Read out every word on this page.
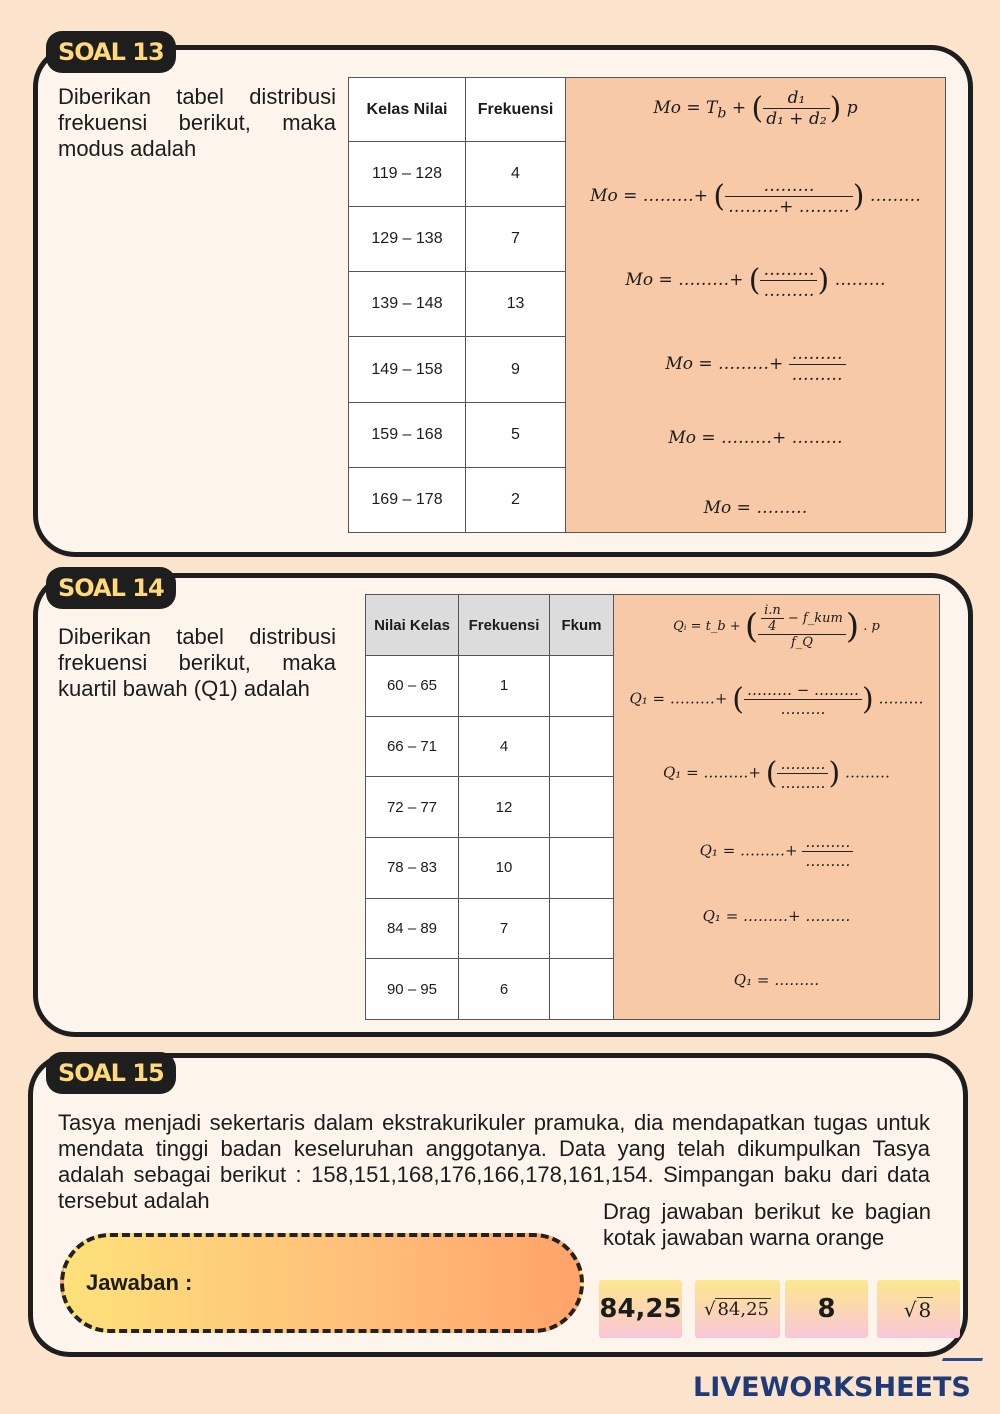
SOAL 13
Diberikan tabel distribusi frekuensi berikut, maka modus adalah
Kelas Nilai	Frekuensi
119 – 128	4
129 – 138	7
139 – 148	13
149 – 158	9
159 – 168	5
169 – 178	2
$Mo = T_b$ + ( $\frac{\text{d₁}}{\text{d₁ + d₂}}$ ) p
Mo = ………+ ( $\frac{\dots\dots\dots}{\dots\dots\dots+ \dots\dots\dots}$ ) ………
Mo = ………+ ( $\frac{\dots\dots\dots}{\dots\dots\dots}$ ) ………
Mo = ………+ $\frac{\dots\dots\dots}{\dots\dots\dots}$
Mo = ………+ ………
Mo = ………
SOAL 14
Diberikan tabel distribusi frekuensi berikut, maka kuartil bawah (Q1) adalah
Nilai Kelas	Frekuensi	Fkum
60 – 65	1	
66 – 71	4	
72 – 77	12	
78 – 83	10	
84 – 89	7	
90 – 95	6	
Qᵢ = t_b + ( $\frac{\frac{i.n}{4} - f\_kum}{f\_Q}$ ) . p
Q₁ = ………+ ( $\frac{\dots\dots\dots - \dots\dots\dots}{\dots\dots\dots}$ ) ………
Q₁ = ………+ ( $\frac{\dots\dots\dots}{\dots\dots\dots}$ ) ………
Q₁ = ………+ $\frac{\dots\dots\dots}{\dots\dots\dots}$
Q₁ = ………+ ………
Q₁ = ………
SOAL 15
Tasya menjadi sekertaris dalam ekstrakurikuler pramuka, dia mendapatkan tugas untuk mendata tinggi badan keseluruhan anggotanya. Data yang telah dikumpulkan Tasya adalah sebagai berikut : 158,151,168,176,166,178,161,154. Simpangan baku dari data tersebut adalah
Jawaban :
Drag jawaban berikut ke bagian kotak jawaban warna orange
84,25 √ 84,25 8	√ 8
LIVEWORKSHEETS
